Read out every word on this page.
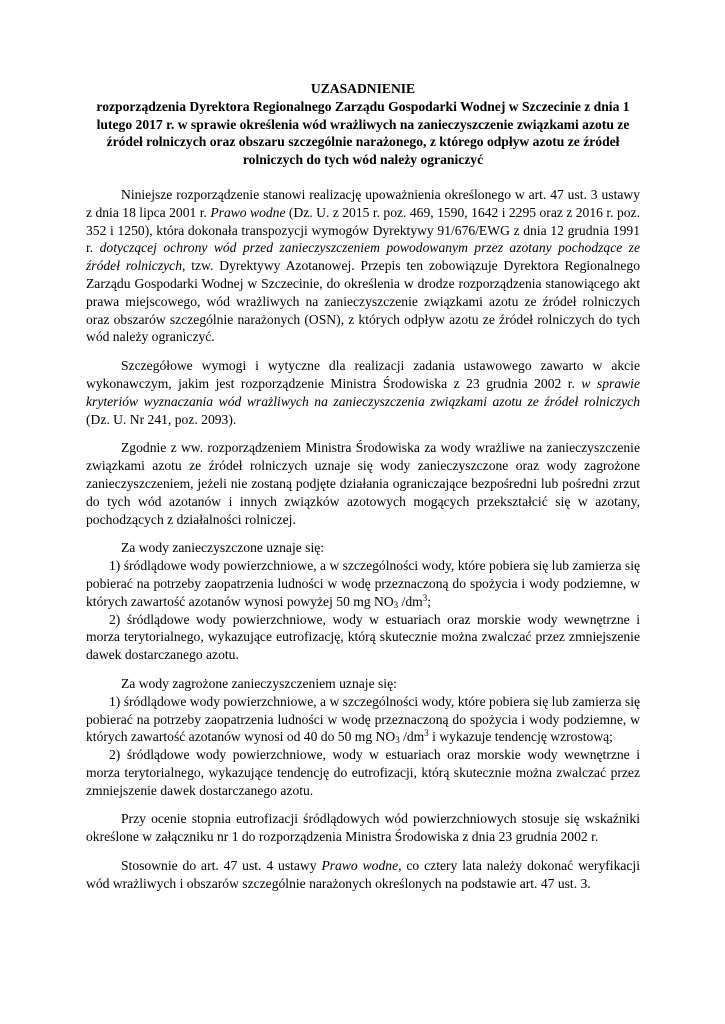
UZASADNIENIE
rozporządzenia Dyrektora Regionalnego Zarządu Gospodarki Wodnej w Szczecinie z dnia 1 lutego 2017 r. w sprawie określenia wód wrażliwych na zanieczyszczenie związkami azotu ze źródeł rolniczych oraz obszaru szczególnie narażonego, z którego odpływ azotu ze źródeł rolniczych do tych wód należy ograniczyć

Niniejsze rozporządzenie stanowi realizację upoważnienia określonego w art. 47 ust. 3 ustawy z dnia 18 lipca 2001 r. Prawo wodne (Dz. U. z 2015 r. poz. 469, 1590, 1642 i 2295 oraz z 2016 r. poz. 352 i 1250), która dokonała transpozycji wymogów Dyrektywy 91/676/EWG z dnia 12 grudnia 1991 r. dotyczącej ochrony wód przed zanieczyszczeniem powodowanym przez azotany pochodzące ze źródeł rolniczych, tzw. Dyrektywy Azotanowej. Przepis ten zobowiązuje Dyrektora Regionalnego Zarządu Gospodarki Wodnej w Szczecinie, do określenia w drodze rozporządzenia stanowiącego akt prawa miejscowego, wód wrażliwych na zanieczyszczenie związkami azotu ze źródeł rolniczych oraz obszarów szczególnie narażonych (OSN), z których odpływ azotu ze źródeł rolniczych do tych wód należy ograniczyć.

Szczegółowe wymogi i wytyczne dla realizacji zadania ustawowego zawarto w akcie wykonawczym, jakim jest rozporządzenie Ministra Środowiska z 23 grudnia 2002 r. w sprawie kryteriów wyznaczania wód wrażliwych na zanieczyszczenia związkami azotu ze źródeł rolniczych (Dz. U. Nr 241, poz. 2093).

Zgodnie z ww. rozporządzeniem Ministra Środowiska za wody wrażliwe na zanieczyszczenie związkami azotu ze źródeł rolniczych uznaje się wody zanieczyszczone oraz wody zagrożone zanieczyszczeniem, jeżeli nie zostaną podjęte działania ograniczające bezpośredni lub pośredni zrzut do tych wód azotanów i innych związków azotowych mogących przekształcić się w azotany, pochodzących z działalności rolniczej.

Za wody zanieczyszczone uznaje się:

1) śródlądowe wody powierzchniowe, a w szczególności wody, które pobiera się lub zamierza się pobierać na potrzeby zaopatrzenia ludności w wodę przeznaczoną do spożycia i wody podziemne, w których zawartość azotanów wynosi powyżej 50 mg $NO_3$ $/dm^3$;
2) śródlądowe wody powierzchniowe, wody w estuariach oraz morskie wody wewnętrzne i morza terytorialnego, wykazujące eutrofizację, którą skutecznie można zwalczać przez zmniejszenie dawek dostarczanego azotu.

Za wody zagrożone zanieczyszczeniem uznaje się:

1) śródlądowe wody powierzchniowe, a w szczególności wody, które pobiera się lub zamierza się pobierać na potrzeby zaopatrzenia ludności w wodę przeznaczoną do spożycia i wody podziemne, w których zawartość azotanów wynosi od 40 do 50 mg $NO_3$ $/dm^3$ i wykazuje tendencję wzrostową;
2) śródlądowe wody powierzchniowe, wody w estuariach oraz morskie wody wewnętrzne i morza terytorialnego, wykazujące tendencję do eutrofizacji, którą skutecznie można zwalczać przez zmniejszenie dawek dostarczanego azotu.

Przy ocenie stopnia eutrofizacji śródlądowych wód powierzchniowych stosuje się wskaźniki określone w załączniku nr 1 do rozporządzenia Ministra Środowiska z dnia 23 grudnia 2002 r.

Stosownie do art. 47 ust. 4 ustawy Prawo wodne, co cztery lata należy dokonać weryfikacji wód wrażliwych i obszarów szczególnie narażonych określonych na podstawie art. 47 ust. 3.
